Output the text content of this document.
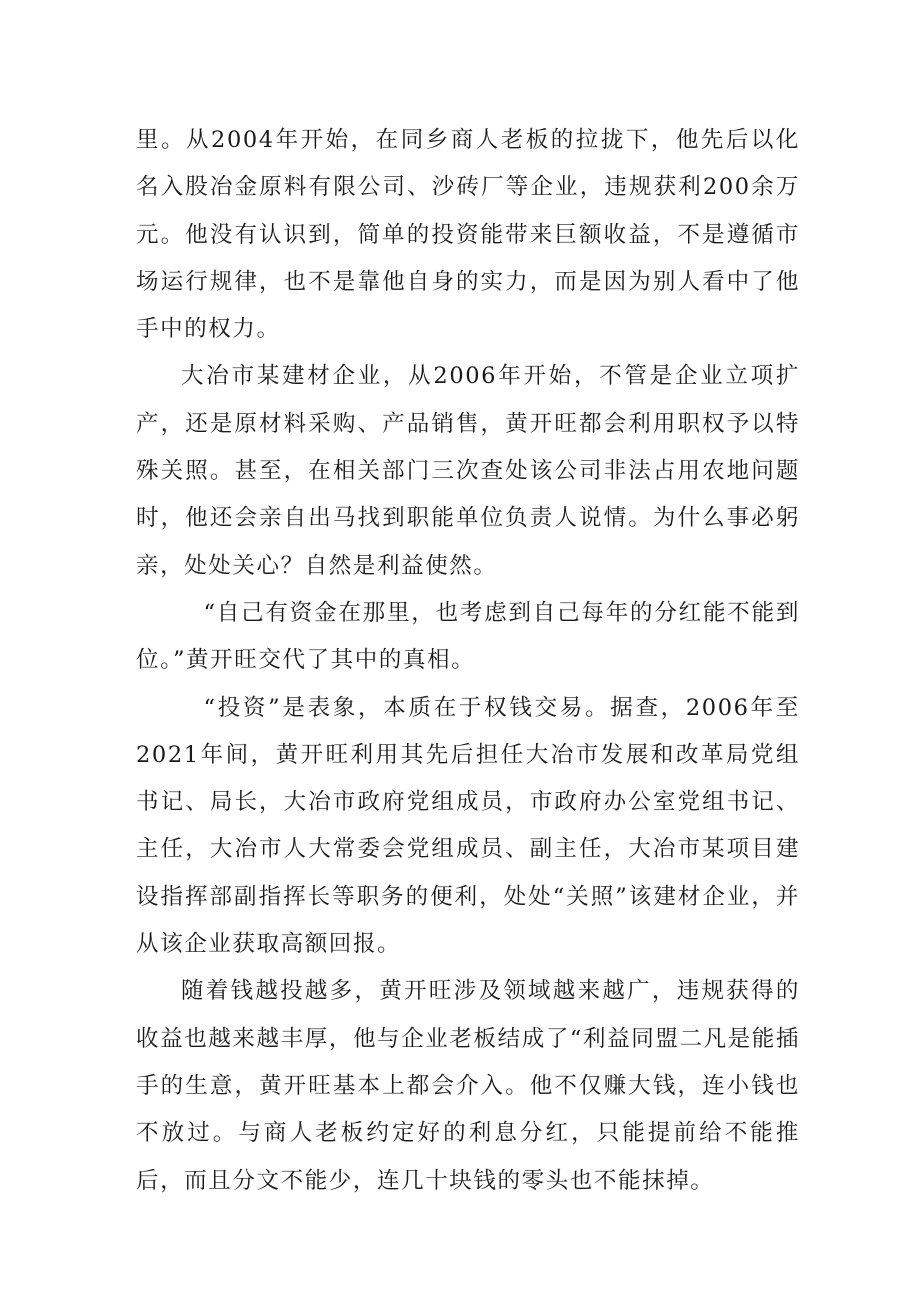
里。从2004年开始，在同乡商人老板的拉拢下，他先后以化名入股冶金原料有限公司、沙砖厂等企业，违规获利200余万元。他没有认识到，简单的投资能带来巨额收益，不是遵循市场运行规律，也不是靠他自身的实力，而是因为别人看中了他手中的权力。

大冶市某建材企业，从2006年开始，不管是企业立项扩产，还是原材料采购、产品销售，黄开旺都会利用职权予以特殊关照。甚至，在相关部门三次查处该公司非法占用农地问题时，他还会亲自出马找到职能单位负责人说情。为什么事必躬亲，处处关心？自然是利益使然。

“自己有资金在那里，也考虑到自己每年的分红能不能到位。”黄开旺交代了其中的真相。

“投资”是表象，本质在于权钱交易。据查，2006年至2021年间，黄开旺利用其先后担任大冶市发展和改革局党组书记、局长，大冶市政府党组成员，市政府办公室党组书记、主任，大冶市人大常委会党组成员、副主任，大冶市某项目建设指挥部副指挥长等职务的便利，处处“关照”该建材企业，并从该企业获取高额回报。

随着钱越投越多，黄开旺涉及领域越来越广，违规获得的收益也越来越丰厚，他与企业老板结成了“利益同盟二凡是能插手的生意，黄开旺基本上都会介入。他不仅赚大钱，连小钱也不放过。与商人老板约定好的利息分红，只能提前给不能推后，而且分文不能少，连几十块钱的零头也不能抹掉。
